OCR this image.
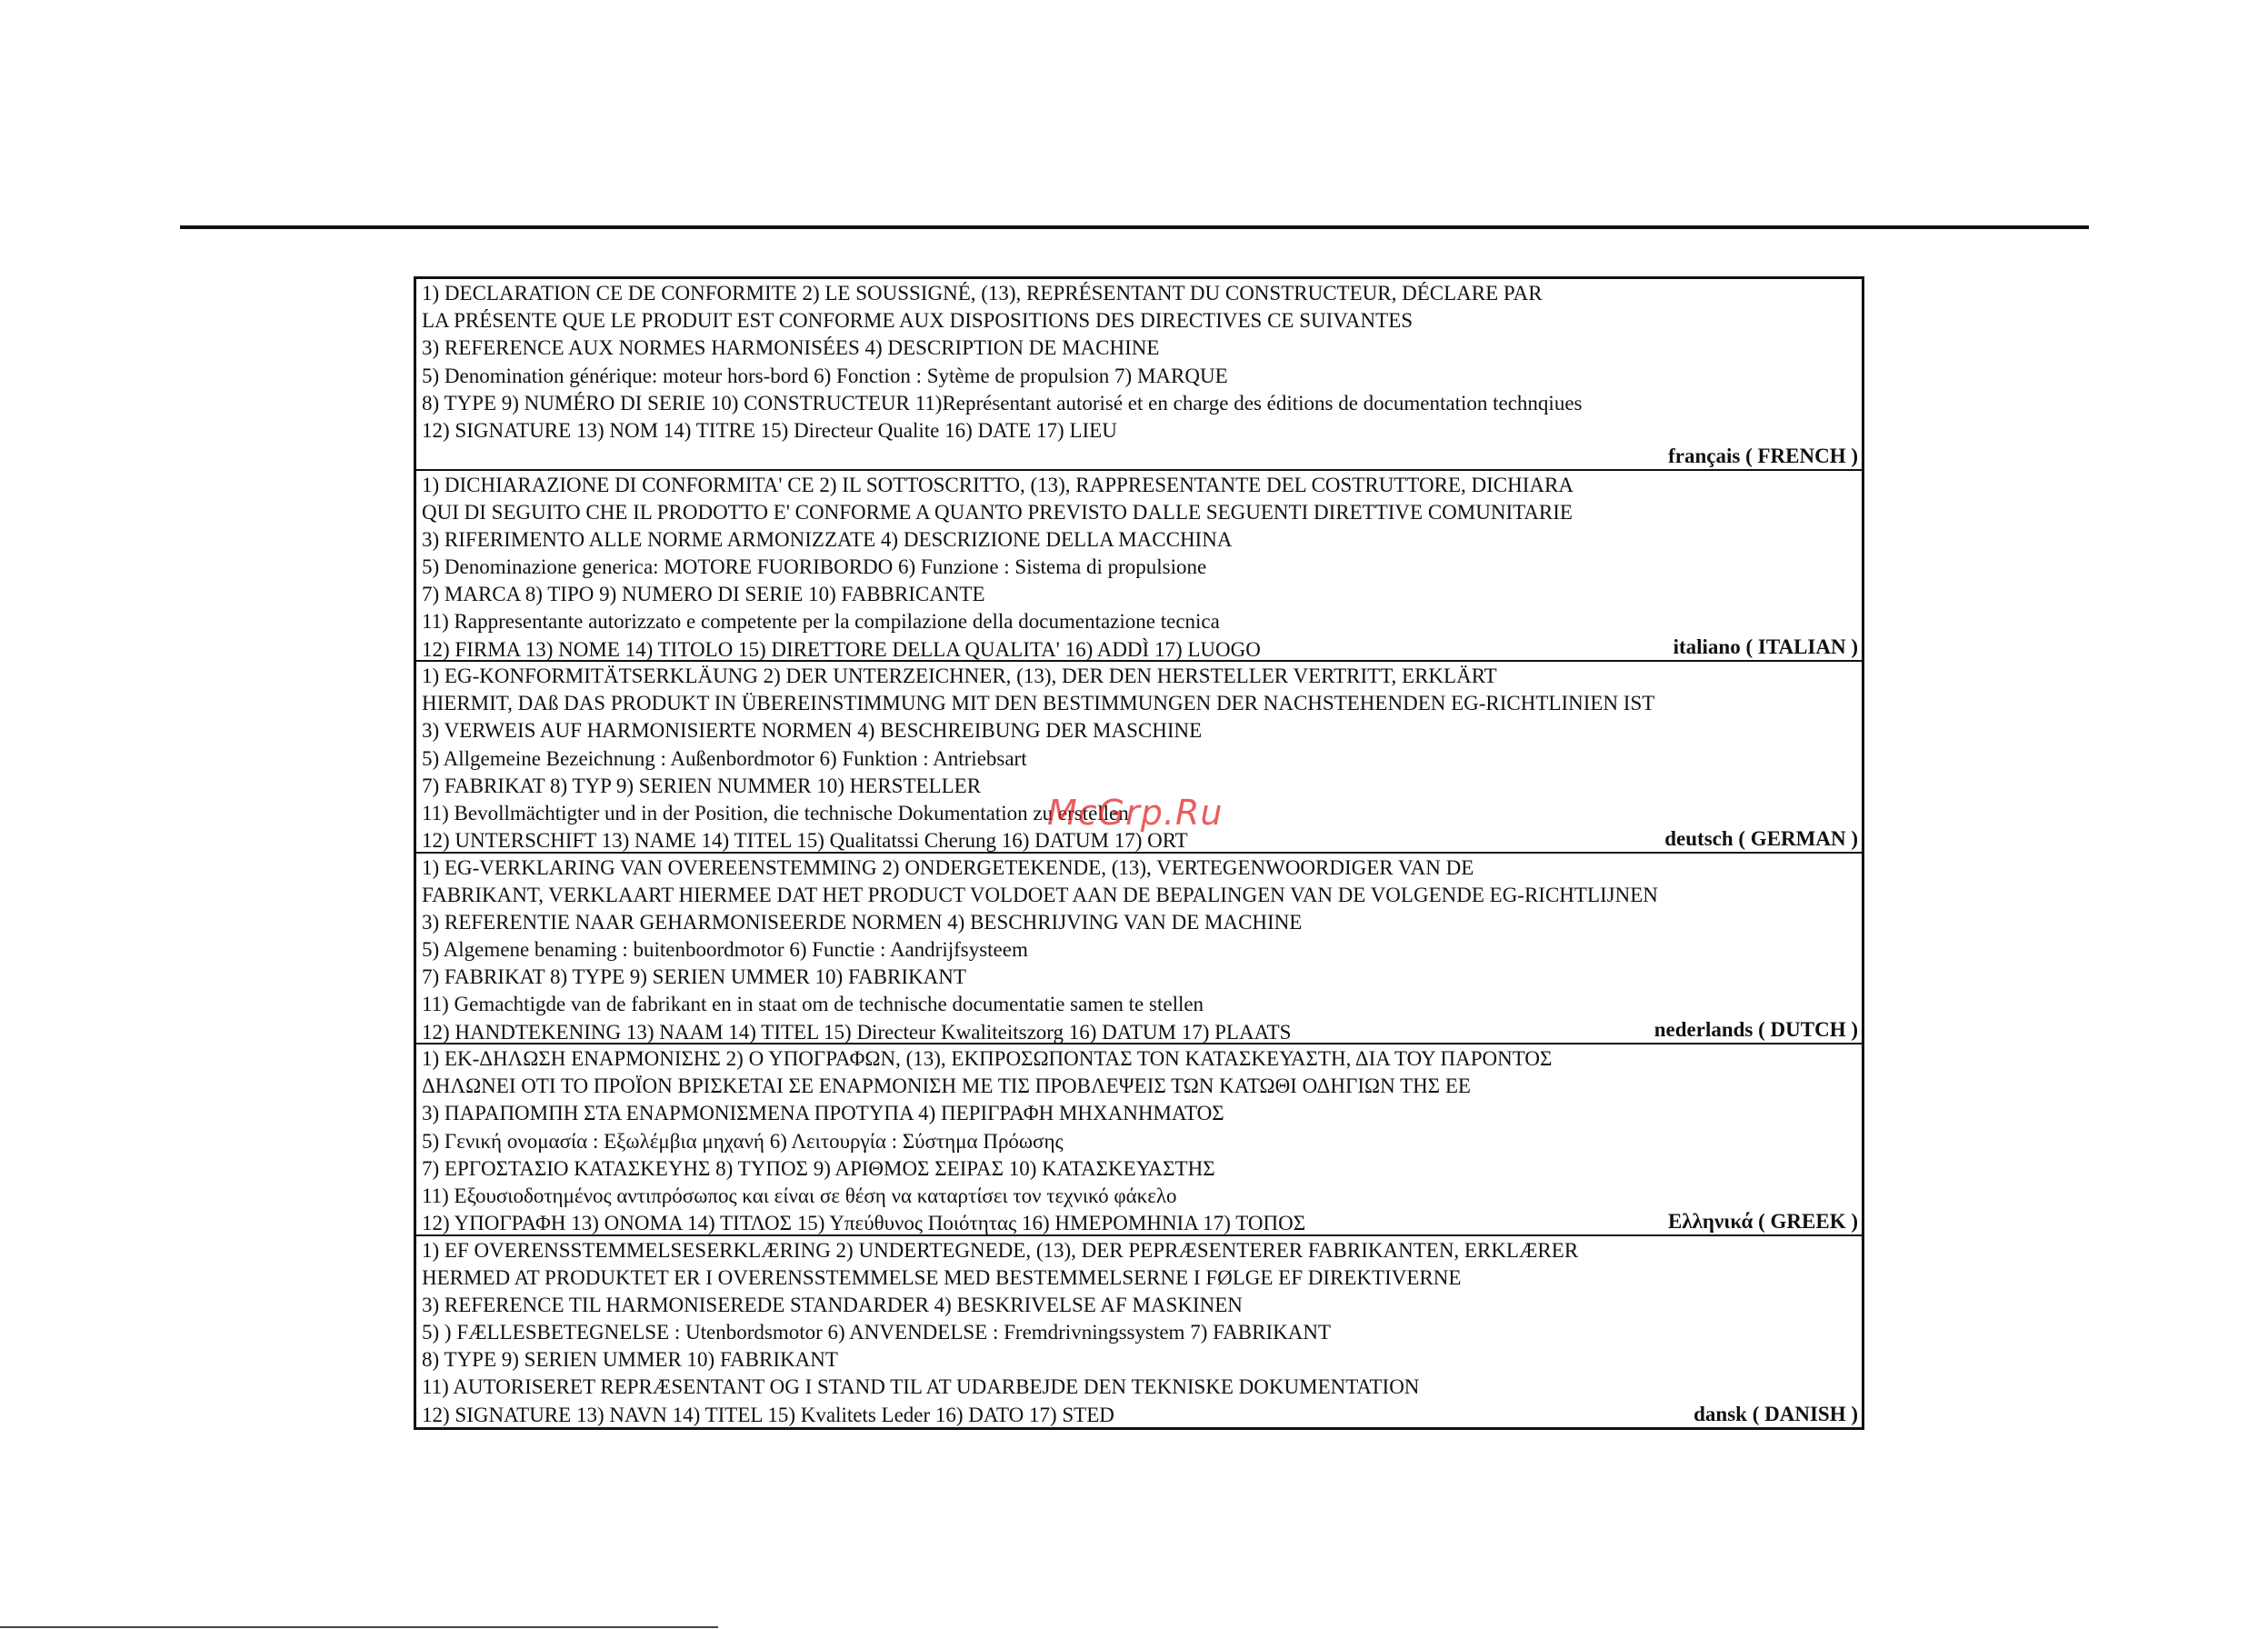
1) DECLARATION CE DE CONFORMITE 2) LE SOUSSIGNÉ, (13), REPRÉSENTANT DU CONSTRUCTEUR, DÉCLARE PAR
LA PRÉSENTE QUE LE PRODUIT EST CONFORME AUX DISPOSITIONS DES DIRECTIVES CE SUIVANTES
3) REFERENCE AUX NORMES HARMONISÉES 4) DESCRIPTION DE MACHINE
5) Denomination générique: moteur hors-bord 6) Fonction : Sytème de propulsion 7) MARQUE
8) TYPE 9) NUMÉRO DI SERIE 10) CONSTRUCTEUR 11)Représentant autorisé et en charge des éditions de documentation technqiues
12) SIGNATURE 13) NOM 14) TITRE 15) Directeur Qualite 16) DATE 17) LIEU
français ( FRENCH )
1) DICHIARAZIONE DI CONFORMITA' CE 2) IL SOTTOSCRITTO, (13), RAPPRESENTANTE DEL COSTRUTTORE, DICHIARA
QUI DI SEGUITO CHE IL PRODOTTO E' CONFORME A QUANTO PREVISTO DALLE SEGUENTI DIRETTIVE COMUNITARIE
3) RIFERIMENTO ALLE NORME ARMONIZZATE 4) DESCRIZIONE DELLA MACCHINA
5) Denominazione generica: MOTORE FUORIBORDO 6) Funzione : Sistema di propulsione
7) MARCA 8) TIPO 9) NUMERO DI SERIE 10) FABBRICANTE
11) Rappresentante autorizzato e competente per la compilazione della documentazione tecnica
12) FIRMA 13) NOME 14) TITOLO 15) DIRETTORE DELLA QUALITA' 16) ADDÌ 17) LUOGO	italiano ( ITALIAN )
1) EG-KONFORMITÄTSERKLÄUNG 2) DER UNTERZEICHNER, (13), DER DEN HERSTELLER VERTRITT, ERKLÄRT
HIERMIT, DAß DAS PRODUKT IN ÜBEREINSTIMMUNG MIT DEN BESTIMMUNGEN DER NACHSTEHENDEN EG-RICHTLINIEN IST
3) VERWEIS AUF HARMONISIERTE NORMEN 4) BESCHREIBUNG DER MASCHINE
5) Allgemeine Bezeichnung : Außenbordmotor 6) Funktion : Antriebsart
7) FABRIKAT 8) TYP 9) SERIEN NUMMER 10) HERSTELLER
11) Bevollmächtigter und in der Position, die technische Dokumentation zu erstellen
12) UNTERSCHIFT 13) NAME 14) TITEL 15) Qualitatssi Cherung 16) DATUM 17) ORT	deutsch ( GERMAN )
1) EG-VERKLARING VAN OVEREENSTEMMING 2) ONDERGETEKENDE, (13), VERTEGENWOORDIGER VAN DE
FABRIKANT, VERKLAART HIERMEE DAT HET PRODUCT VOLDOET AAN DE BEPALINGEN VAN DE VOLGENDE EG-RICHTLIJNEN
3) REFERENTIE NAAR GEHARMONISEERDE NORMEN 4) BESCHRIJVING VAN DE MACHINE
5) Algemene benaming : buitenboordmotor 6) Functie : Aandrijfsysteem
7) FABRIKAT 8) TYPE 9) SERIEN UMMER 10) FABRIKANT
11) Gemachtigde van de fabrikant en in staat om de technische documentatie samen te stellen
12) HANDTEKENING 13) NAAM 14) TITEL 15) Directeur Kwaliteitszorg 16) DATUM 17) PLAATS	nederlands ( DUTCH )
1) ΕΚ-ΔΗΛΩΣΗ ΕΝΑΡΜΟΝΙΣΗΣ 2) Ο ΥΠΟΓΡΑΦΩΝ, (13), ΕΚΠΡΟΣΩΠΟΝΤΑΣ ΤΟΝ ΚΑΤΑΣΚΕΥΑΣΤΗ, ΔΙΑ ΤΟΥ ΠΑΡΟΝΤΟΣ
ΔΗΛΩΝΕΙ ΟΤΙ ΤΟ ΠΡΟΪΟΝ ΒΡΙΣΚΕΤΑΙ ΣΕ ΕΝΑΡΜΟΝΙΣΗ ΜΕ ΤΙΣ ΠΡΟΒΛΕΨΕΙΣ ΤΩΝ ΚΑΤΩΘΙ ΟΔΗΓΙΩΝ ΤΗΣ ΕΕ
3) ΠΑΡΑΠΟΜΠΗ ΣΤΑ ΕΝΑΡΜΟΝΙΣΜΕΝΑ ΠΡΟΤΥΠΑ 4) ΠΕΡΙΓΡΑΦΗ ΜΗΧΑΝΗΜΑΤΟΣ
5) Γενική ονομασία : Εξωλέμβια μηχανή 6) Λειτουργία : Σύστημα Πρόωσης
7) ΕΡΓΟΣΤΑΣΙΟ ΚΑΤΑΣΚΕΥΗΣ 8) ΤΥΠΟΣ 9) ΑΡΙΘΜΟΣ ΣΕΙΡΑΣ 10) ΚΑΤΑΣΚΕΥΑΣΤΗΣ
11) Εξουσιοδοτημένος αντιπρόσωπος και είναι σε θέση να καταρτίσει τον τεχνικό φάκελο
12) ΥΠΟΓΡΑΦΗ 13) ΟΝΟΜΑ 14) ΤΙΤΛΟΣ 15) Υπεύθυνος Ποιότητας 16) ΗΜΕΡΟΜΗΝΙΑ 17) ΤΟΠΟΣ	Ελληνικά ( GREEK )
1) EF OVERENSSTEMMELSESERKLÆRING 2) UNDERTEGNEDE, (13), DER PEPRÆSENTERER FABRIKANTEN, ERKLÆRER
HERMED AT PRODUKTET ER I OVERENSSTEMMELSE MED BESTEMMELSERNE I FØLGE EF DIREKTIVERNE
3) REFERENCE TIL HARMONISEREDE STANDARDER 4) BESKRIVELSE AF MASKINEN
5) ) FÆLLESBETEGNELSE : Utenbordsmotor 6) ANVENDELSE : Fremdrivningssystem 7) FABRIKANT
8) TYPE 9) SERIEN UMMER 10) FABRIKANT
11) AUTORISERET REPRÆSENTANT OG I STAND TIL AT UDARBEJDE DEN TEKNISKE DOKUMENTATION
12) SIGNATURE 13) NAVN 14) TITEL 15) Kvalitets Leder 16) DATO 17) STED	dansk ( DANISH )
McGrp.Ru
